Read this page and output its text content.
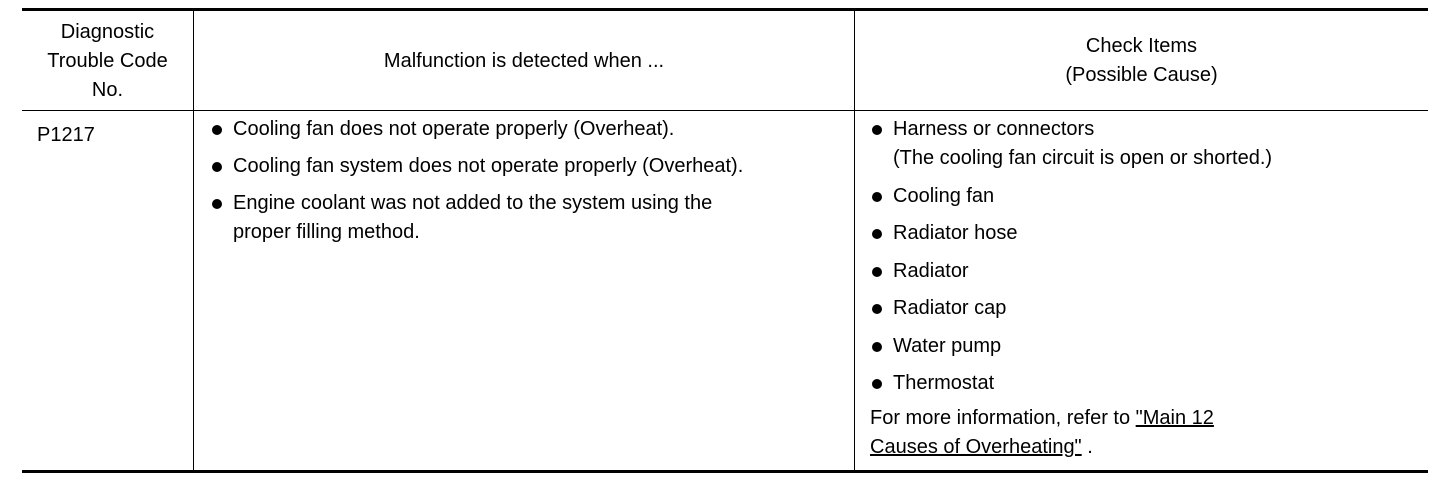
Diagnostic
Trouble Code
No.
Malfunction is detected when ...
Check Items
(Possible Cause)
P1217	Cooling fan does not operate properly (Overheat).
Cooling fan system does not operate properly (Overheat).
Engine coolant was not added to the system using the
proper filling method.
Harness or connectors
(The cooling fan circuit is open or shorted.)
Cooling fan
Radiator hose
Radiator
Radiator cap
Water pump
Thermostat
For more information, refer to "Main 12
Causes of Overheating" .
